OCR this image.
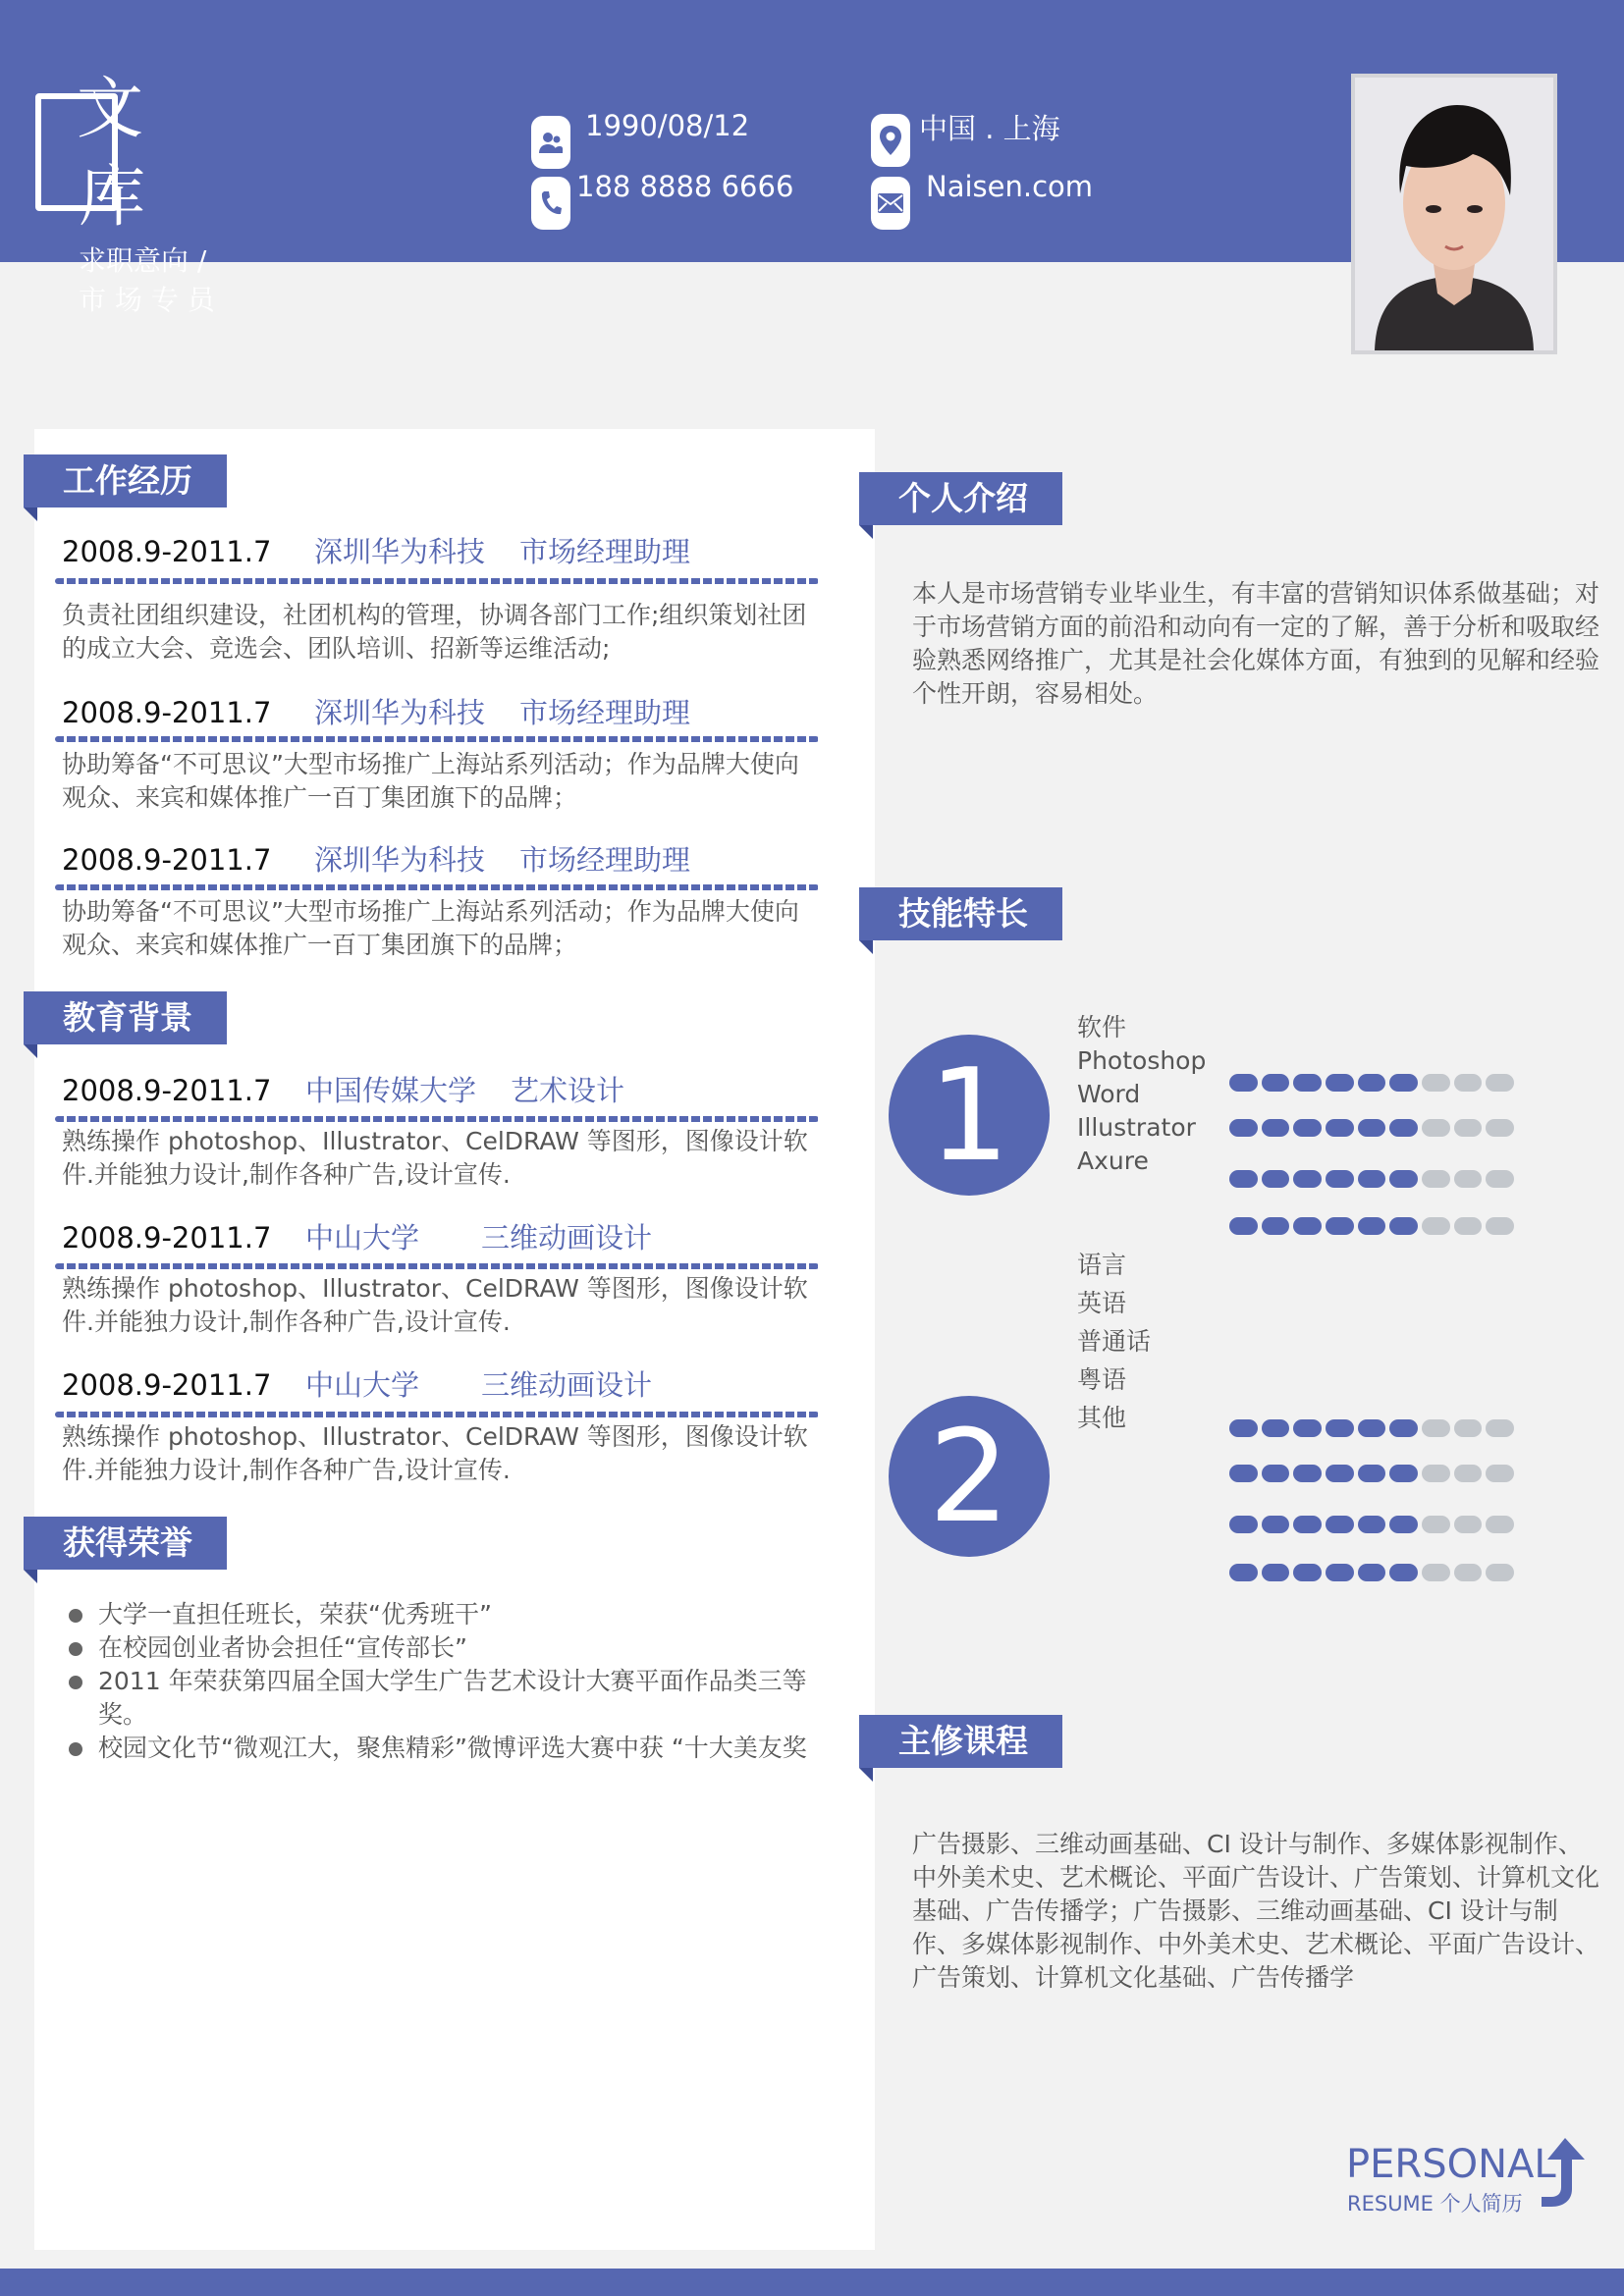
文
库
求职意向 / 市 场 专 员
1990/08/12
188 8888 6666
中国 . 上海
Naisen.com
工作经历
2008.9-2011.7 深圳华为科技 市场经理助理
负责社团组织建设，社团机构的管理，协调各部门工作;组织策划社团的成立大会、竞选会、团队培训、招新等运维活动;
2008.9-2011.7 深圳华为科技 市场经理助理
协助筹备“不可思议”大型市场推广上海站系列活动；作为品牌大使向观众、来宾和媒体推广一百丁集团旗下的品牌；
2008.9-2011.7 深圳华为科技 市场经理助理
协助筹备“不可思议”大型市场推广上海站系列活动；作为品牌大使向观众、来宾和媒体推广一百丁集团旗下的品牌；
教育背景
2008.9-2011.7 中国传媒大学 艺术设计
熟练操作 photoshop、Illustrator、CelDRAW 等图形，图像设计软件.并能独力设计,制作各种广告,设计宣传.
2008.9-2011.7 中山大学 三维动画设计
熟练操作 photoshop、Illustrator、CelDRAW 等图形，图像设计软件.并能独力设计,制作各种广告,设计宣传.
2008.9-2011.7 中山大学 三维动画设计
熟练操作 photoshop、Illustrator、CelDRAW 等图形，图像设计软件.并能独力设计,制作各种广告,设计宣传.
获得荣誉
大学一直担任班长，荣获“优秀班干”
在校园创业者协会担任“宣传部长”
2011 年荣获第四届全国大学生广告艺术设计大赛平面作品类三等奖。
校园文化节“微观江大，聚焦精彩”微博评选大赛中获 “十大美友奖
个人介绍
本人是市场营销专业毕业生，有丰富的营销知识体系做基础；对于市场营销方面的前沿和动向有一定的了解，善于分析和吸取经验熟悉网络推广，尤其是社会化媒体方面，有独到的见解和经验个性开朗，容易相处。
技能特长
1
软件
Photoshop
Word
Illustrator
Axure
2
语言
英语
普通话
粤语
其他
主修课程
广告摄影、三维动画基础、CI 设计与制作、多媒体影视制作、中外美术史、艺术概论、平面广告设计、广告策划、计算机文化基础、广告传播学；广告摄影、三维动画基础、CI 设计与制作、多媒体影视制作、中外美术史、艺术概论、平面广告设计、广告策划、计算机文化基础、广告传播学
PERSONAL
RESUME 个人简历
